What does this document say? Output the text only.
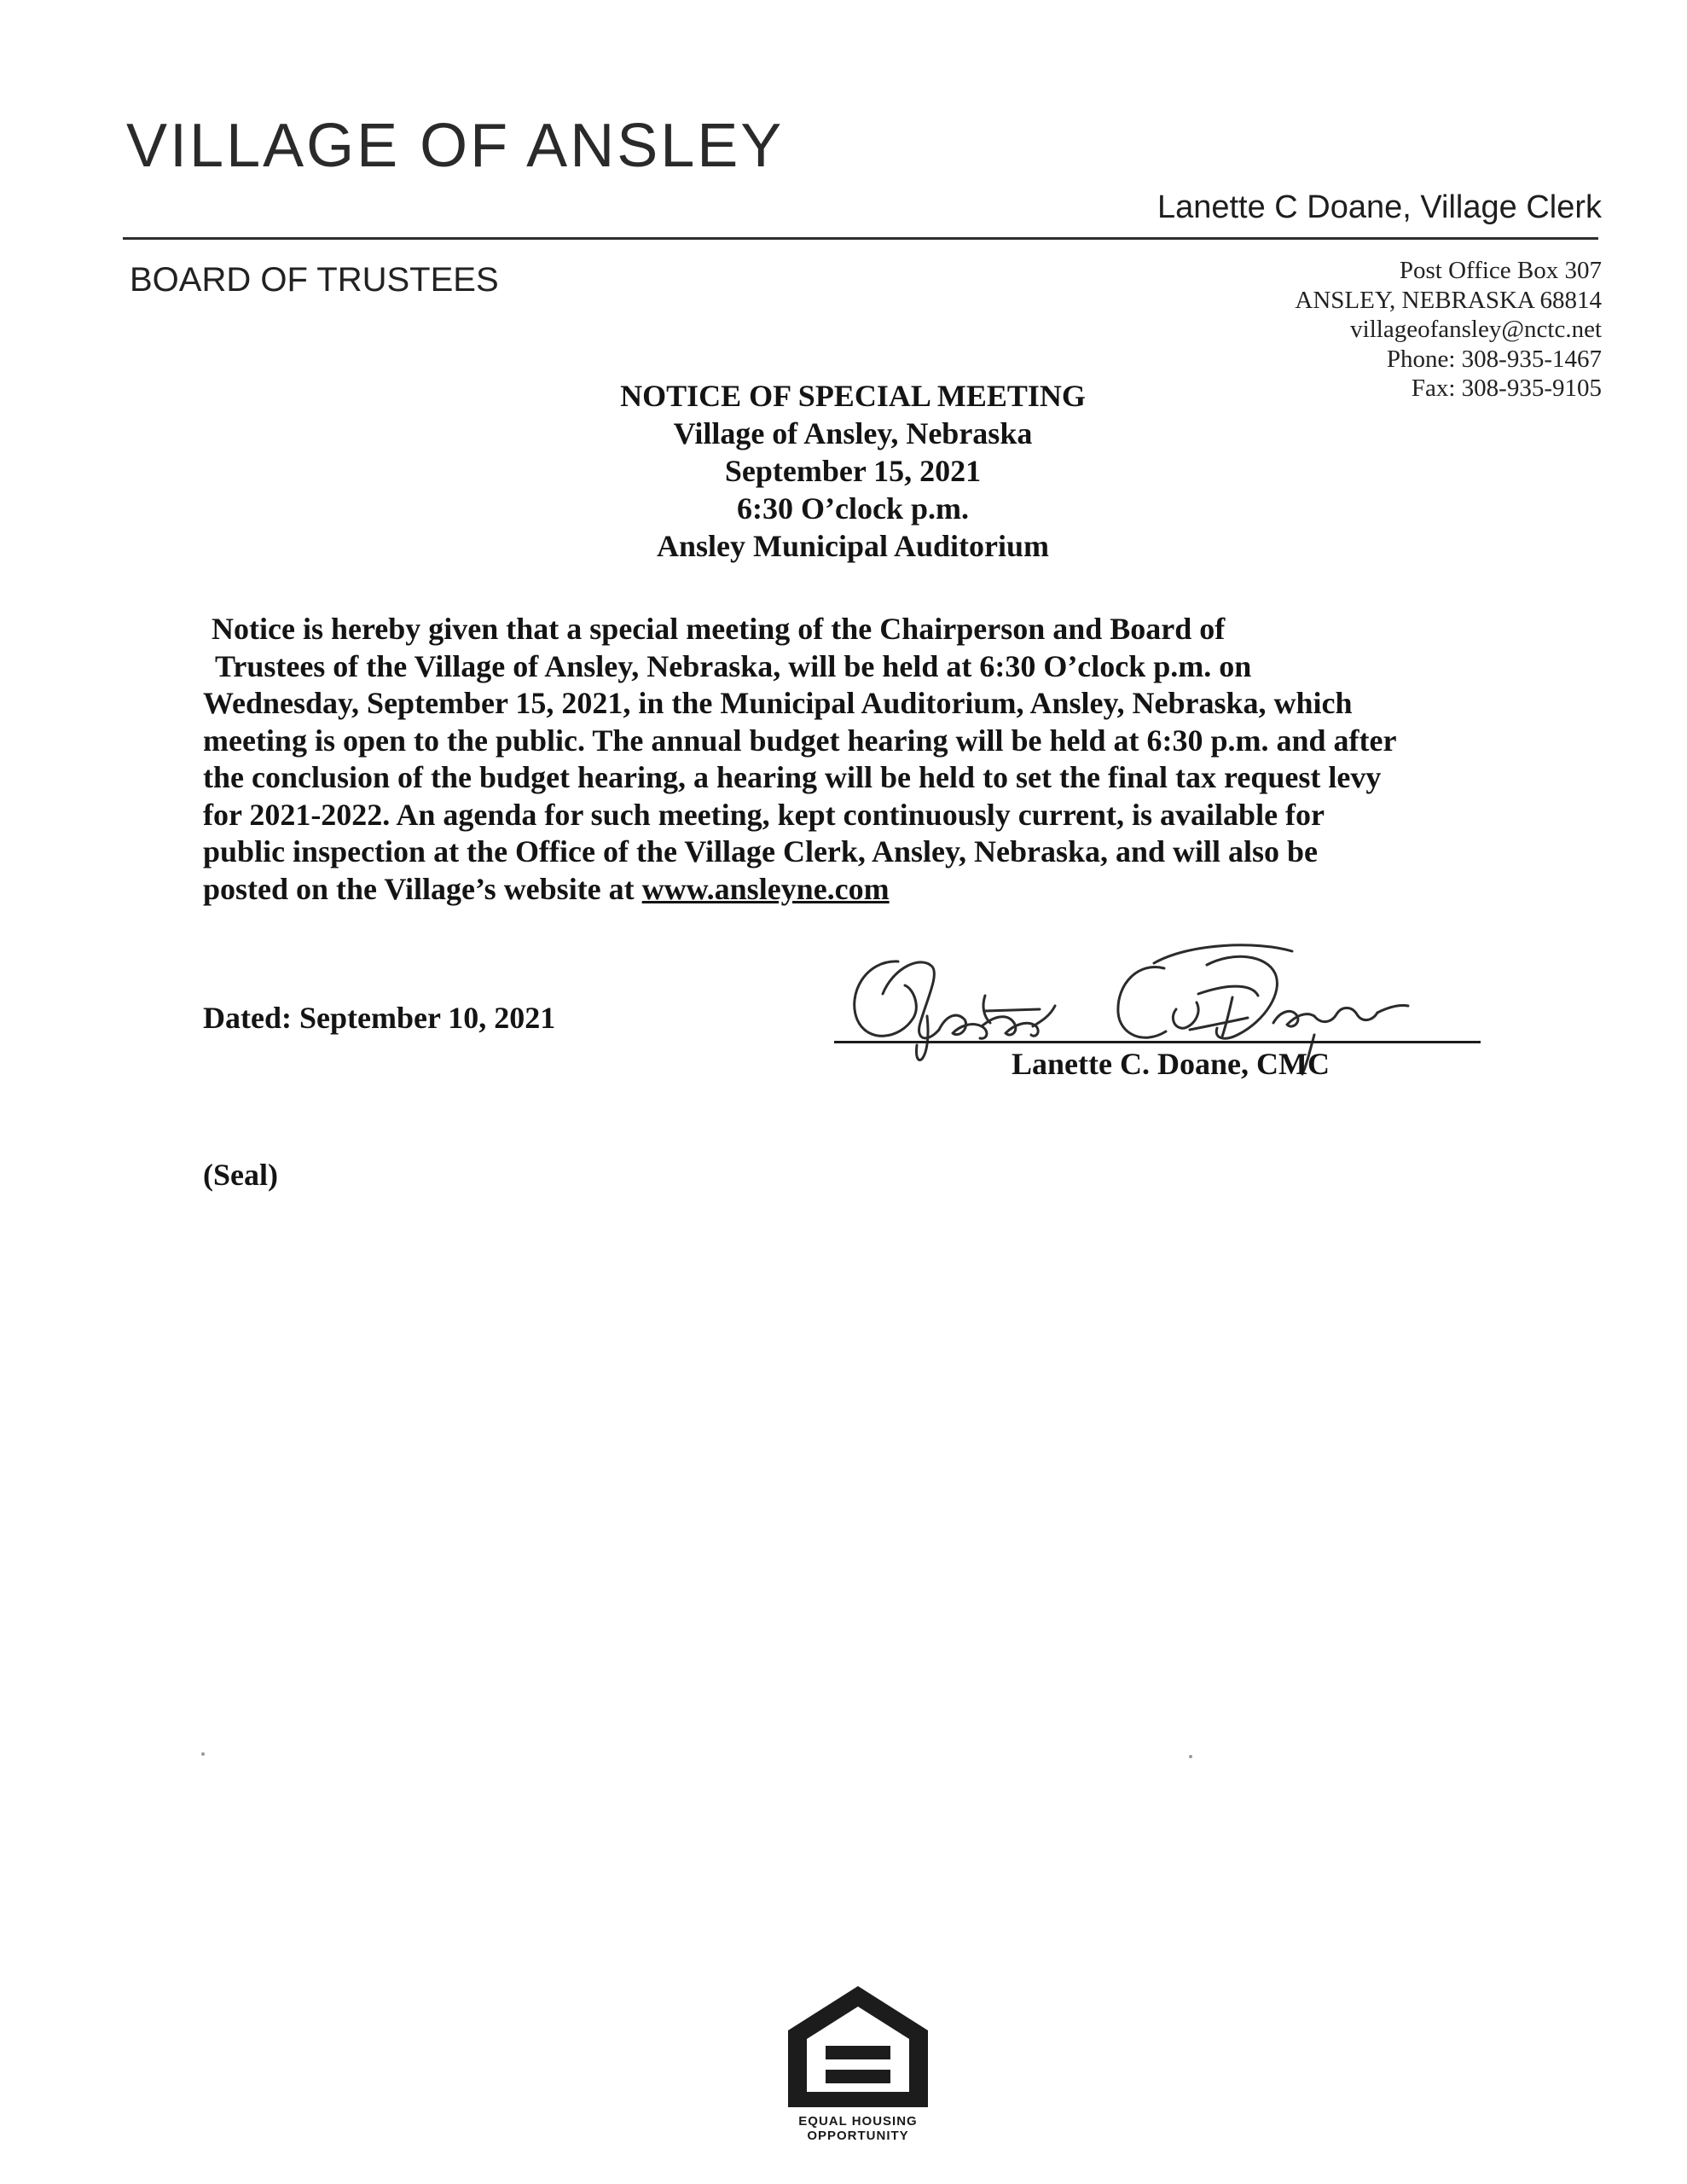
VILLAGE OF ANSLEY
Lanette C Doane, Village Clerk
BOARD OF TRUSTEES	Post Office Box 307
ANSLEY, NEBRASKA 68814
villageofansley@nctc.net
Phone: 308-935-1467
Fax: 308-935-9105
NOTICE OF SPECIAL MEETING
Village of Ansley, Nebraska
September 15, 2021
6:30 O’clock p.m.
Ansley Municipal Auditorium
Notice is hereby given that a special meeting of the Chairperson and Board of
Trustees of the Village of Ansley, Nebraska, will be held at 6:30 O’clock p.m. on
Wednesday, September 15, 2021, in the Municipal Auditorium, Ansley, Nebraska, which
meeting is open to the public. The annual budget hearing will be held at 6:30 p.m. and after
the conclusion of the budget hearing, a hearing will be held to set the final tax request levy
for 2021-2022. An agenda for such meeting, kept continuously current, is available for
public inspection at the Office of the Village Clerk, Ansley, Nebraska, and will also be
posted on the Village’s website at www.ansleyne.com
Dated: September 10, 2021
Lanette C. Doane, CMC
(Seal)
EQUAL HOUSING
OPPORTUNITY
